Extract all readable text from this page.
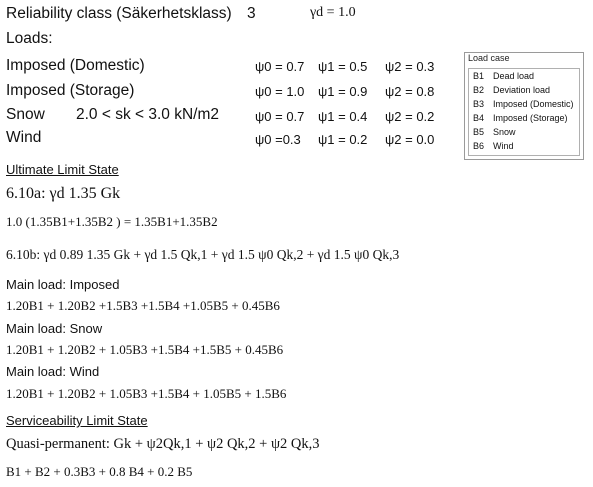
Reliability class (Säkerhetsklass) 3	γd = 1.0
Loads:
Imposed (Domestic)	ψ0 = 0.7 ψ1 = 0.5 ψ2 = 0.3
Imposed (Storage)	ψ0 = 1.0 ψ1 = 0.9 ψ2 = 0.8
Snow 2.0 < sk < 3.0 kN/m2	ψ0 = 0.7 ψ1 = 0.4 ψ2 = 0.2
Wind	ψ0 =0.3 ψ1 = 0.2 ψ2 = 0.0
Load case
B1 Dead load
B2 Deviation load
B3 Imposed (Domestic)
B4 Imposed (Storage)
B5 Snow
B6 Wind
Ultimate Limit State
6.10a: γd 1.35 Gk
1.0 (1.35B1+1.35B2 ) = 1.35B1+1.35B2
6.10b: γd 0.89 1.35 Gk + γd 1.5 Qk,1 + γd 1.5 ψ0 Qk,2 + γd 1.5 ψ0 Qk,3
Main load: Imposed
1.20B1 + 1.20B2 +1.5B3 +1.5B4 +1.05B5 + 0.45B6
Main load: Snow
1.20B1 + 1.20B2 + 1.05B3 +1.5B4 +1.5B5 + 0.45B6
Main load: Wind
1.20B1 + 1.20B2 + 1.05B3 +1.5B4 + 1.05B5 + 1.5B6
Serviceability Limit State
Quasi-permanent: Gk + ψ2Qk,1 + ψ2 Qk,2 + ψ2 Qk,3
B1 + B2 + 0.3B3 + 0.8 B4 + 0.2 B5
